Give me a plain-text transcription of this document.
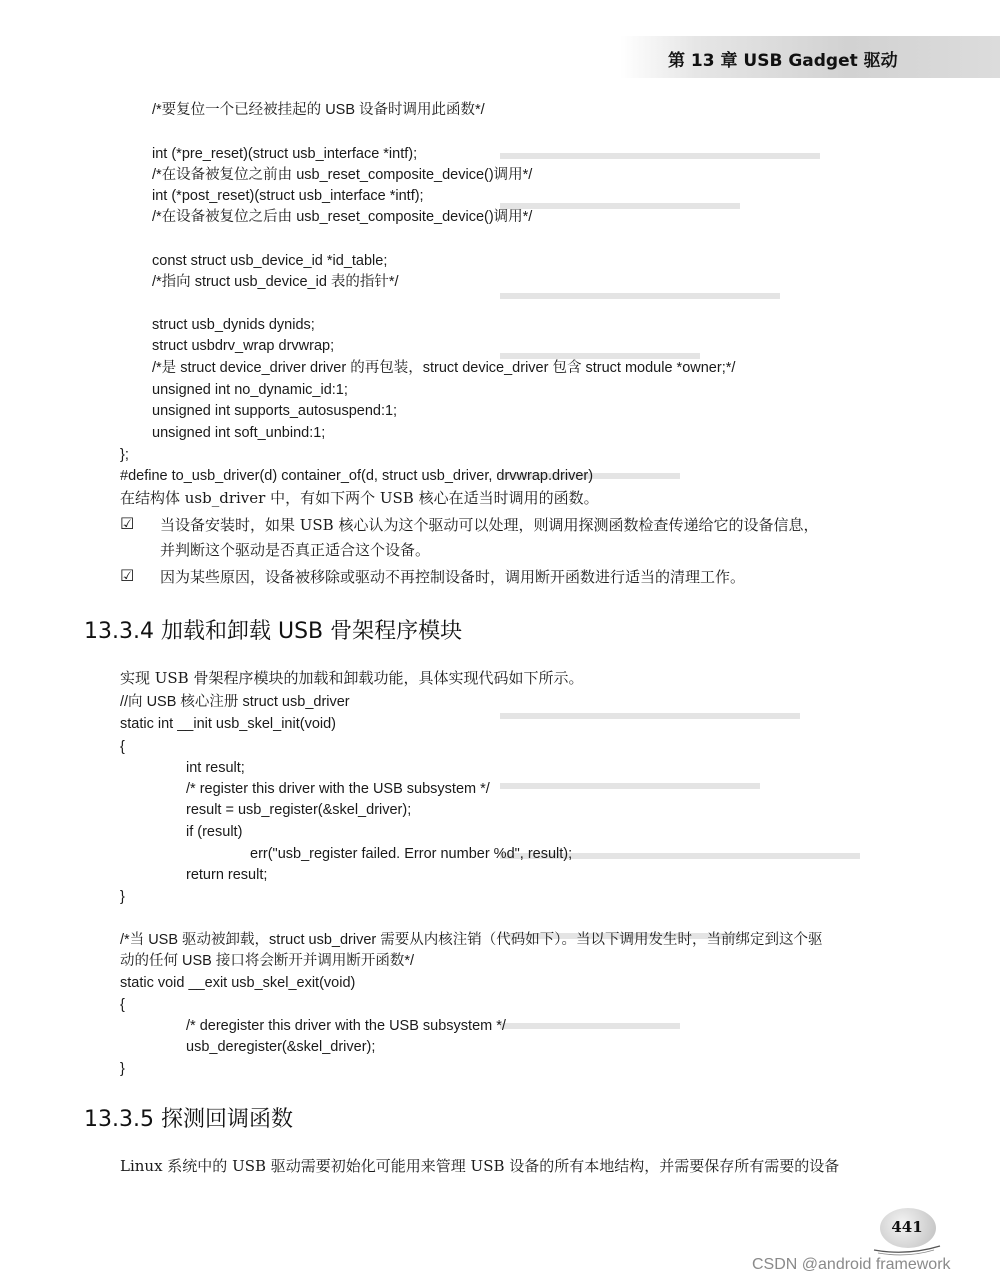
第 13 章 USB Gadget 驱动
/*要复位一个已经被挂起的 USB 设备时调用此函数*/
int (*pre_reset)(struct usb_interface *intf);
/*在设备被复位之前由 usb_reset_composite_device()调用*/
int (*post_reset)(struct usb_interface *intf);
/*在设备被复位之后由 usb_reset_composite_device()调用*/
const struct usb_device_id *id_table;
/*指向 struct usb_device_id 表的指针*/
struct usb_dynids dynids;
struct usbdrv_wrap drvwrap;
/*是 struct device_driver driver 的再包装，struct device_driver 包含 struct module *owner;*/
unsigned int no_dynamic_id:1;
unsigned int supports_autosuspend:1;
unsigned int soft_unbind:1;
};
#define to_usb_driver(d) container_of(d, struct usb_driver, drvwrap.driver)
在结构体 usb_driver 中，有如下两个 USB 核心在适当时调用的函数。
☑ 当设备安装时，如果 USB 核心认为这个驱动可以处理，则调用探测函数检查传递给它的设备信息，
并判断这个驱动是否真正适合这个设备。
☑ 因为某些原因，设备被移除或驱动不再控制设备时，调用断开函数进行适当的清理工作。
13.3.4 加载和卸载 USB 骨架程序模块
实现 USB 骨架程序模块的加载和卸载功能，具体实现代码如下所示。
//向 USB 核心注册 struct usb_driver
static int __init usb_skel_init(void)
{
int result;
/* register this driver with the USB subsystem */
result = usb_register(&skel_driver);
if (result)
err("usb_register failed. Error number %d", result);
return result;
}
/*当 USB 驱动被卸载，struct usb_driver 需要从内核注销（代码如下）。当以下调用发生时，当前绑定到这个驱
动的任何 USB 接口将会断开并调用断开函数*/
static void __exit usb_skel_exit(void)
{
/* deregister this driver with the USB subsystem */
usb_deregister(&skel_driver);
}
13.3.5 探测回调函数
Linux 系统中的 USB 驱动需要初始化可能用来管理 USB 设备的所有本地结构，并需要保存所有需要的设备
441
CSDN @android framework
